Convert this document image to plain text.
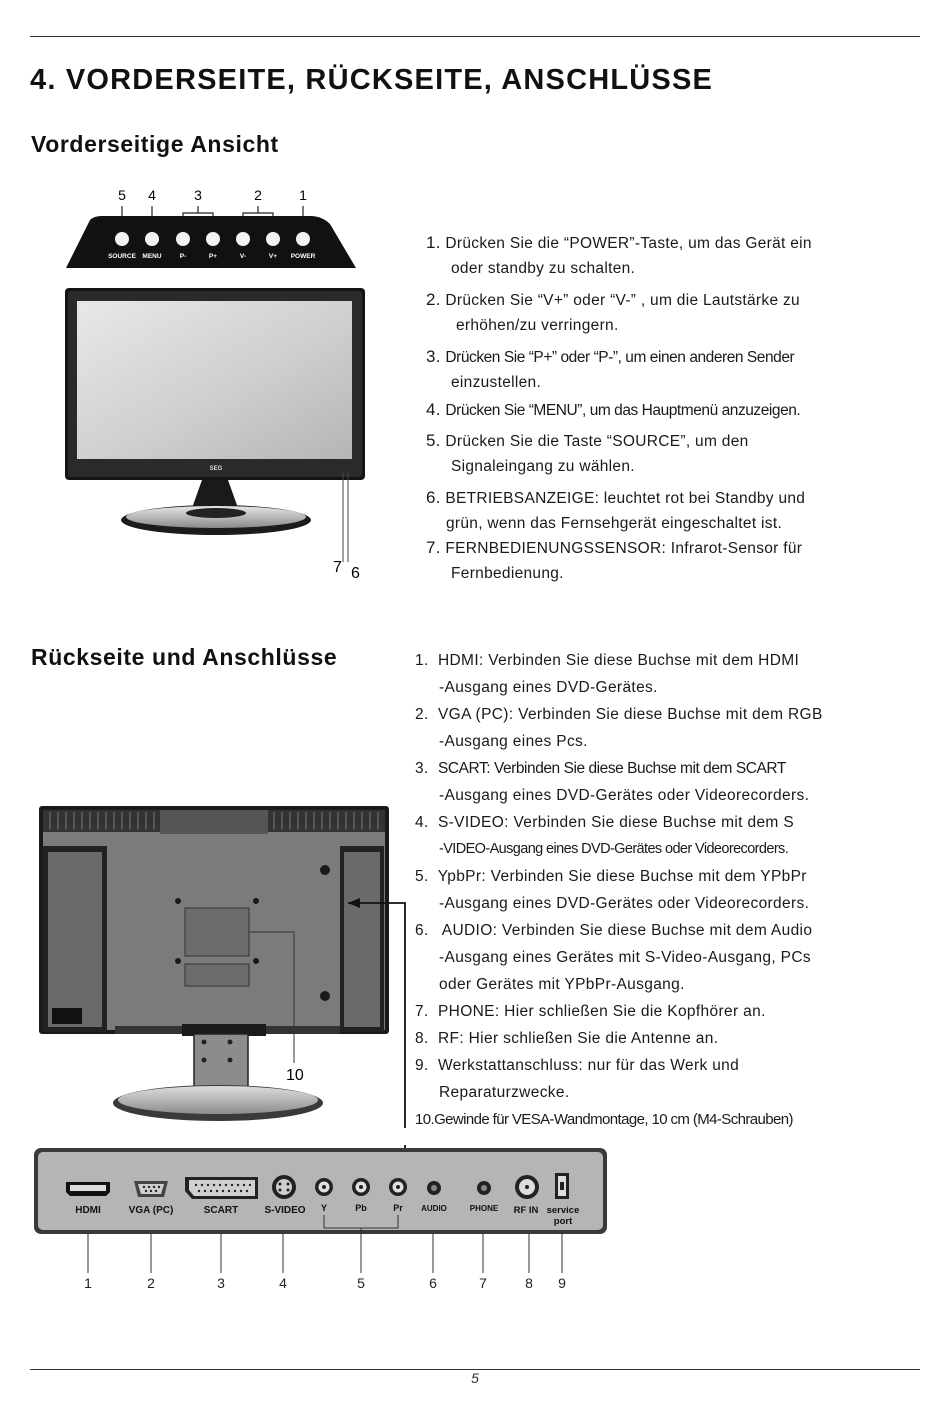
4. VORDERSEITE, RÜCKSEITE, ANSCHLÜSSE
Vorderseitige Ansicht
5 4	3	2	1
SOURCE MENU	P-	P+	V-	V+ POWER
SEG
7 6
1. Drücken Sie die “POWER”-Taste, um das Gerät ein
oder standby zu schalten.
2. Drücken Sie “V+” oder “V-” , um die Lautstärke zu
erhöhen/zu verringern.
3. Drücken Sie “P+” oder “P-”, um einen anderen Sender
einzustellen.
4. Drücken Sie “MENU”, um das Hauptmenü anzuzeigen.
5. Drücken Sie die Taste “SOURCE”, um den
Signaleingang zu wählen.
6. BETRIEBSANZEIGE: leuchtet rot bei Standby und
grün, wenn das Fernsehgerät eingeschaltet ist.
7. FERNBEDIENUNGSSENSOR: Infrarot-Sensor für
Fernbedienung.
Rückseite und Anschlüsse	1. HDMI: Verbinden Sie diese Buchse mit dem HDMI
-Ausgang eines DVD-Gerätes.
2. VGA (PC): Verbinden Sie diese Buchse mit dem RGB
-Ausgang eines Pcs.
3. SCART: Verbinden Sie diese Buchse mit dem SCART
-Ausgang eines DVD-Gerätes oder Videorecorders.
4. S-VIDEO: Verbinden Sie diese Buchse mit dem S
-VIDEO-Ausgang eines DVD-Gerätes oder Videorecorders.
5. YpbPr: Verbinden Sie diese Buchse mit dem YPbPr
-Ausgang eines DVD-Gerätes oder Videorecorders.
6. AUDIO: Verbinden Sie diese Buchse mit dem Audio
-Ausgang eines Gerätes mit S-Video-Ausgang, PCs
oder Gerätes mit YPbPr-Ausgang.
7. PHONE: Hier schließen Sie die Kopfhörer an.
8. RF: Hier schließen Sie die Antenne an.
9. Werkstattanschluss: nur für das Werk und
Reparaturzwecke.
10.Gewinde für VESA-Wandmontage, 10 cm (M4-Schrauben)
10
HDMI	VGA (PC)	SCART	S-VIDEO Y	Pb	Pr AUDIO	PHONE RF IN service
port
1	2	3	4	5	6	7	8 9
5
